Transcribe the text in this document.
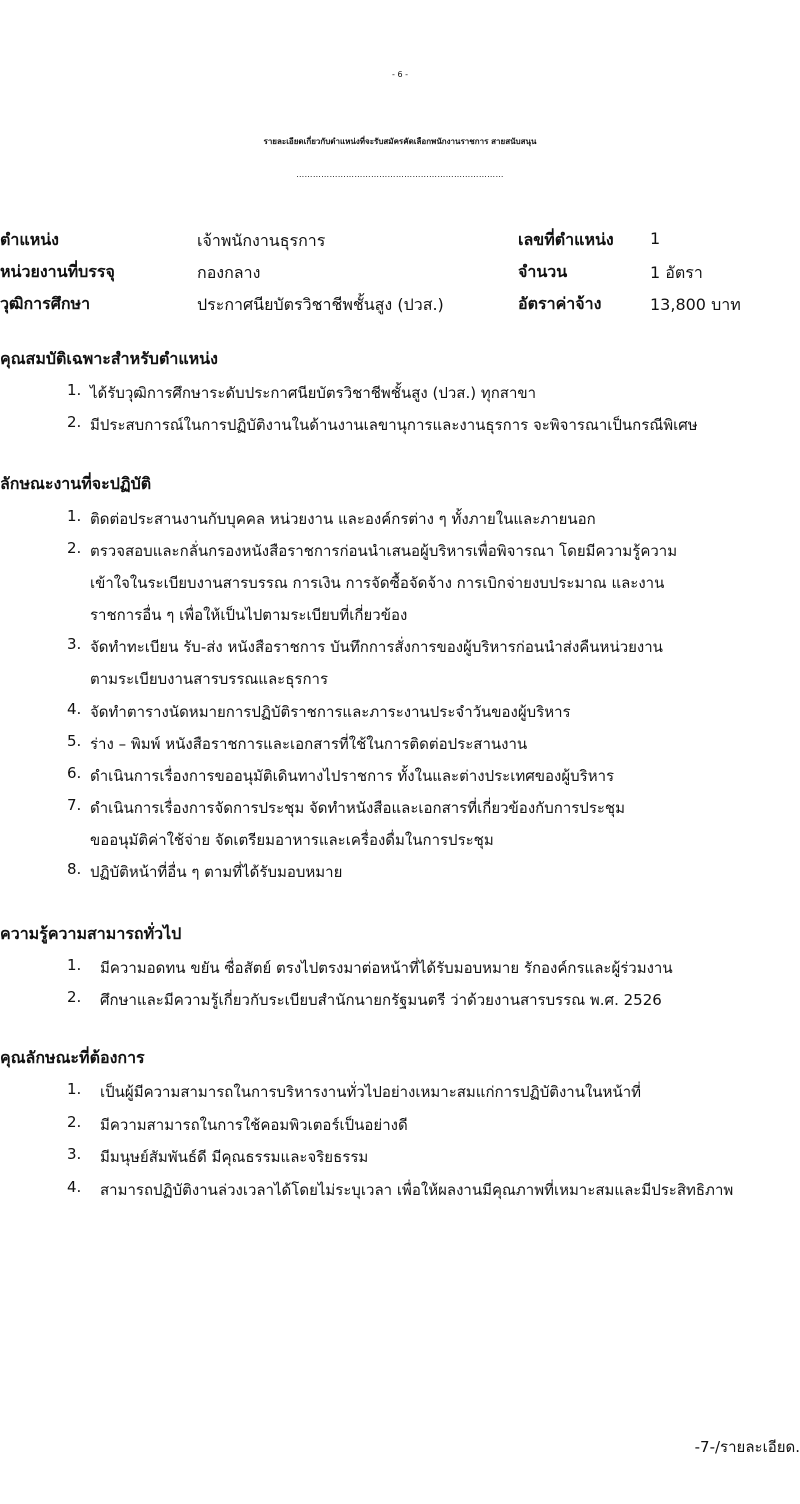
- 6 -
รายละเอียดเกี่ยวกับตำแหน่งที่จะรับสมัครคัดเลือกพนักงานราชการ สายสนับสนุน
…………………………………………………………………
ตำแหน่ง	เจ้าพนักงานธุรการ	เลขที่ตำแหน่ง 1
หน่วยงานที่บรรจุ	กองกลาง	จำนวน	1 อัตรา
วุฒิการศึกษา	ประกาศนียบัตรวิชาชีพชั้นสูง (ปวส.)	อัตราค่าจ้าง	13,800 บาท
คุณสมบัติเฉพาะสำหรับตำแหน่ง
1. ได้รับวุฒิการศึกษาระดับประกาศนียบัตรวิชาชีพชั้นสูง (ปวส.) ทุกสาขา
2. มีประสบการณ์ในการปฏิบัติงานในด้านงานเลขานุการและงานธุรการ จะพิจารณาเป็นกรณีพิเศษ
ลักษณะงานที่จะปฏิบัติ
1. ติดต่อประสานงานกับบุคคล หน่วยงาน และองค์กรต่าง ๆ ทั้งภายในและภายนอก
2. ตรวจสอบและกลั่นกรองหนังสือราชการก่อนนำเสนอผู้บริหารเพื่อพิจารณา โดยมีความรู้ความ
เข้าใจในระเบียบงานสารบรรณ การเงิน การจัดซื้อจัดจ้าง การเบิกจ่ายงบประมาณ และงาน
ราชการอื่น ๆ เพื่อให้เป็นไปตามระเบียบที่เกี่ยวข้อง
3. จัดทำทะเบียน รับ-ส่ง หนังสือราชการ บันทึกการสั่งการของผู้บริหารก่อนนำส่งคืนหน่วยงาน
ตามระเบียบงานสารบรรณและธุรการ
4. จัดทำตารางนัดหมายการปฏิบัติราชการและภาระงานประจำวันของผู้บริหาร
5. ร่าง – พิมพ์ หนังสือราชการและเอกสารที่ใช้ในการติดต่อประสานงาน
6. ดำเนินการเรื่องการขออนุมัติเดินทางไปราชการ ทั้งในและต่างประเทศของผู้บริหาร
7. ดำเนินการเรื่องการจัดการประชุม จัดทำหนังสือและเอกสารที่เกี่ยวข้องกับการประชุม
ขออนุมัติค่าใช้จ่าย จัดเตรียมอาหารและเครื่องดื่มในการประชุม
8. ปฏิบัติหน้าที่อื่น ๆ ตามที่ได้รับมอบหมาย
ความรู้ความสามารถทั่วไป
1. มีความอดทน ขยัน ซื่อสัตย์ ตรงไปตรงมาต่อหน้าที่ได้รับมอบหมาย รักองค์กรและผู้ร่วมงาน
2. ศึกษาและมีความรู้เกี่ยวกับระเบียบสำนักนายกรัฐมนตรี ว่าด้วยงานสารบรรณ พ.ศ. 2526
คุณลักษณะที่ต้องการ
1. เป็นผู้มีความสามารถในการบริหารงานทั่วไปอย่างเหมาะสมแก่การปฏิบัติงานในหน้าที่
2. มีความสามารถในการใช้คอมพิวเตอร์เป็นอย่างดี
3. มีมนุษย์สัมพันธ์ดี มีคุณธรรมและจริยธรรม
4. สามารถปฏิบัติงานล่วงเวลาได้โดยไม่ระบุเวลา เพื่อให้ผลงานมีคุณภาพที่เหมาะสมและมีประสิทธิภาพ
-7-/รายละเอียด.
